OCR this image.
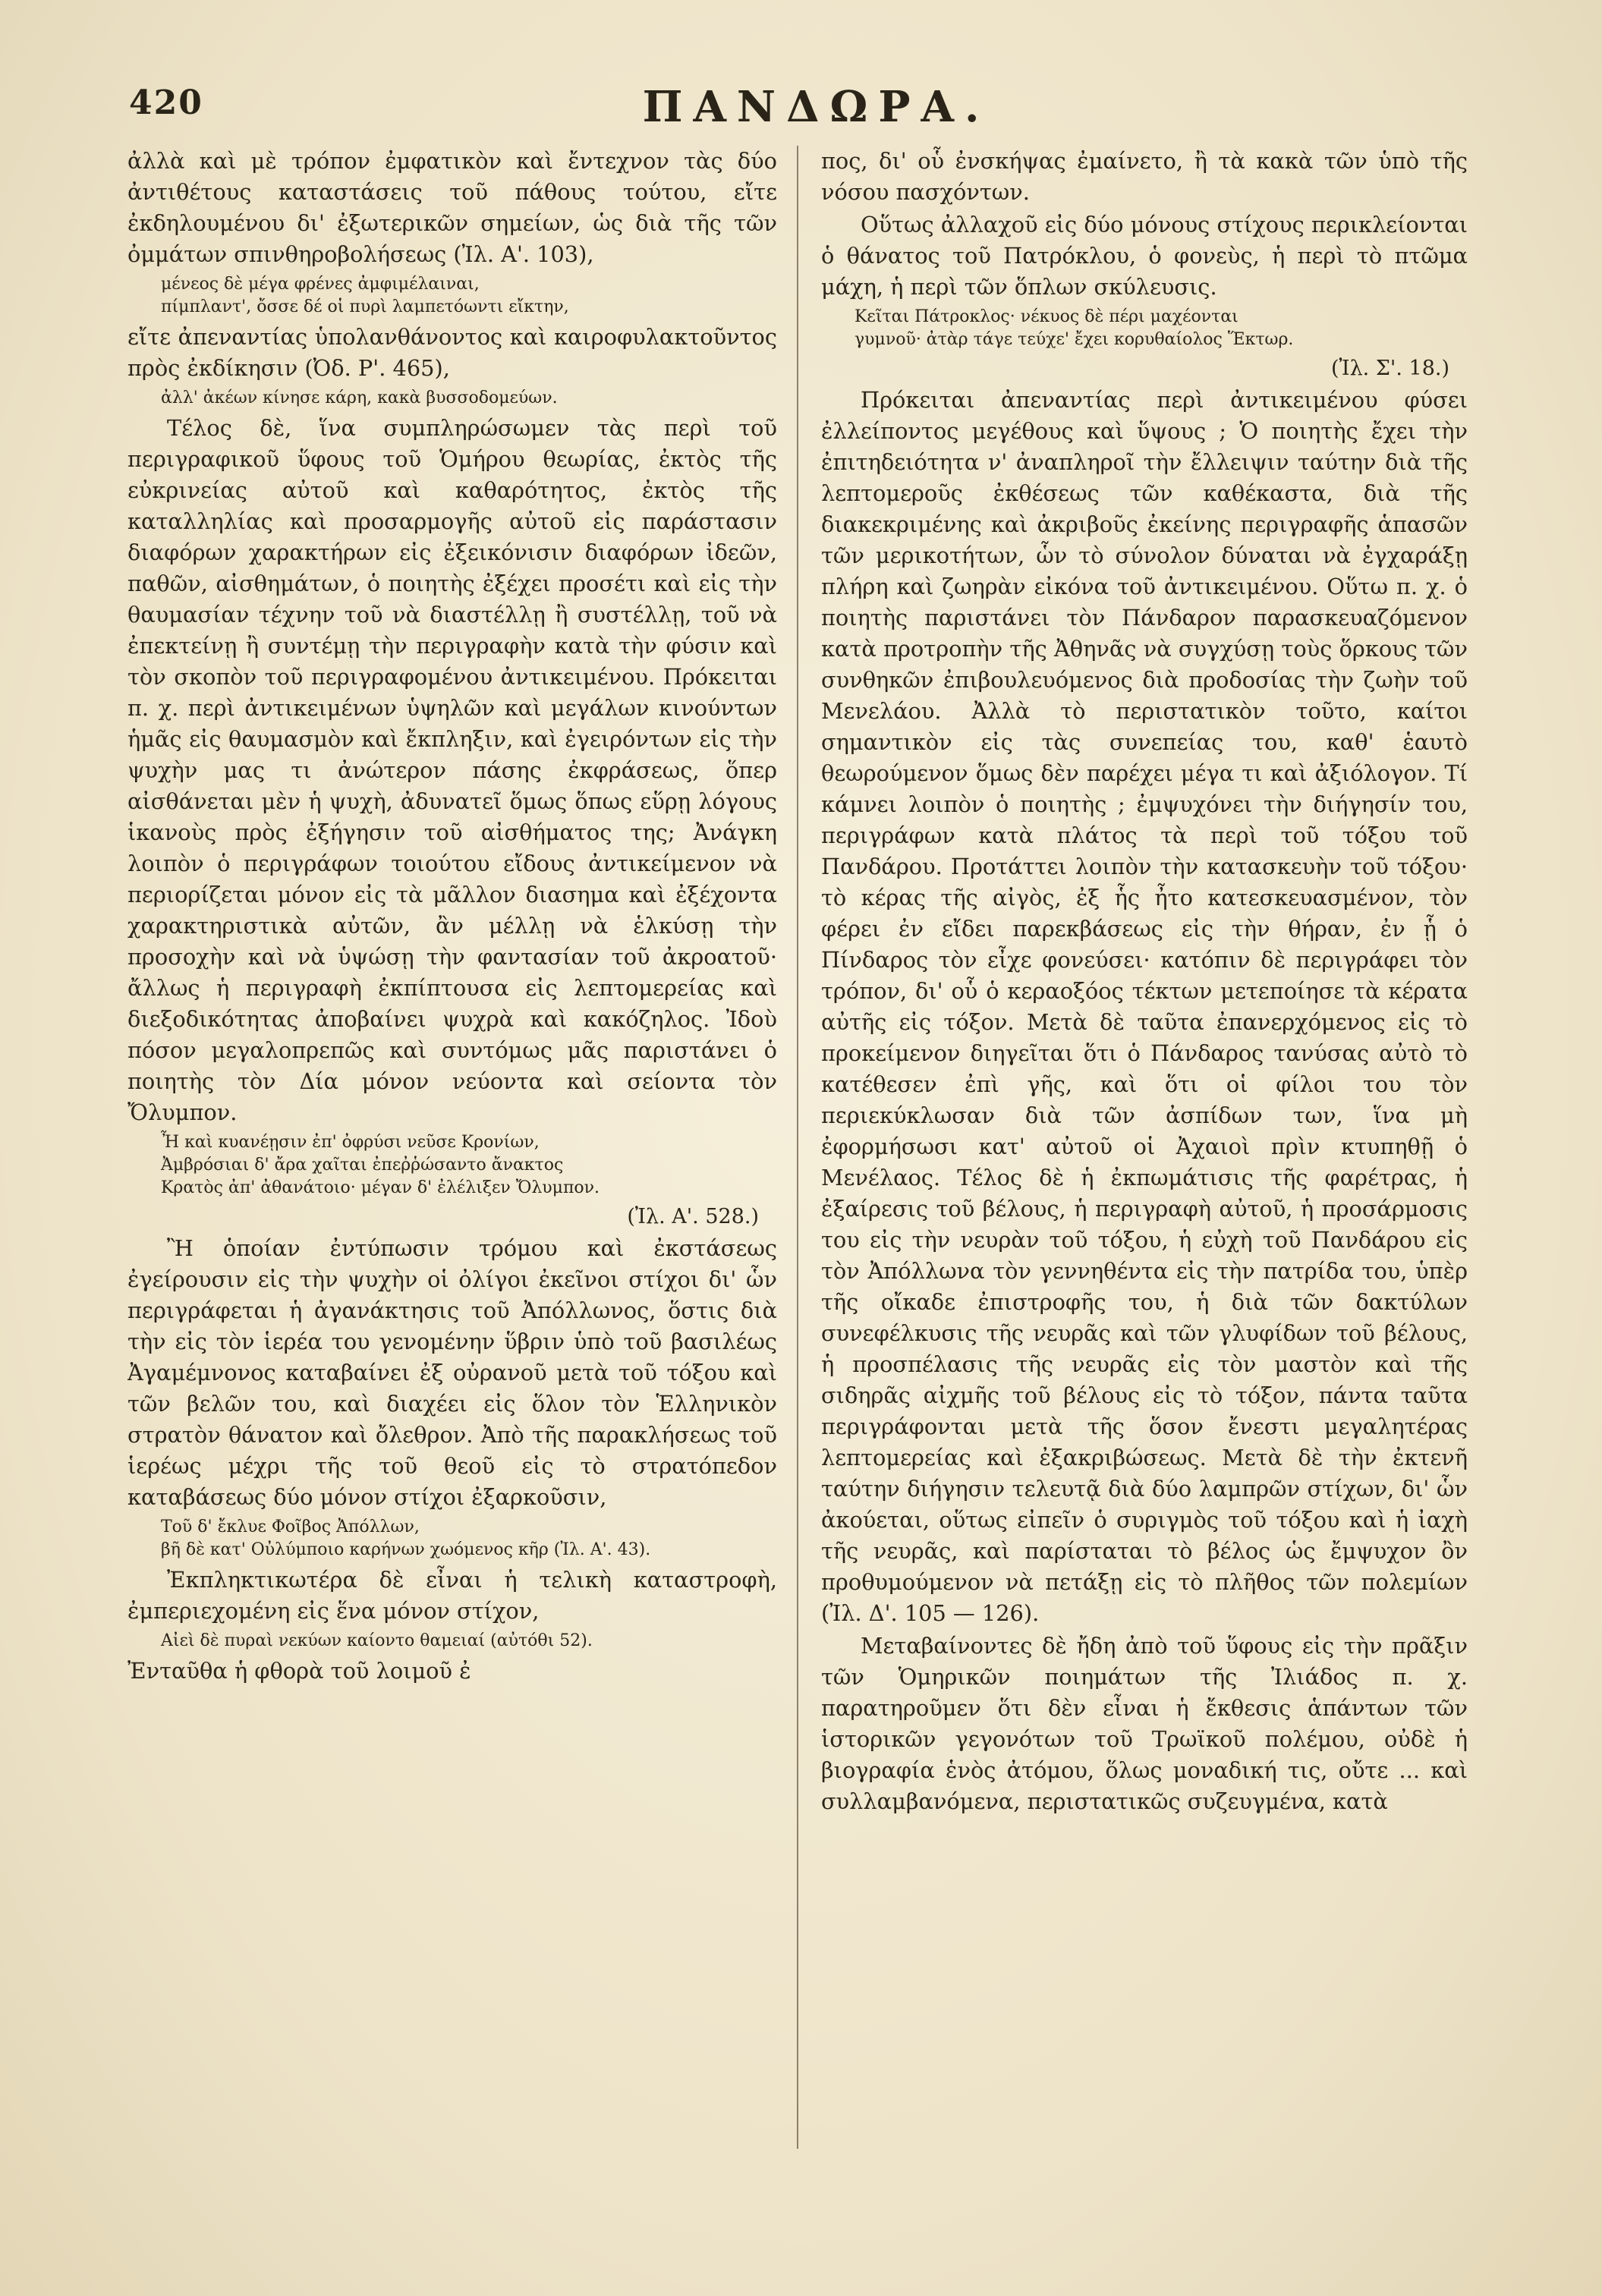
420	ΠΑΝΔΩΡΑ.

ἀλλὰ καὶ μὲ τρόπον ἐμφατικὸν καὶ ἔντεχνον τὰς δύο ἀντιθέτους καταστάσεις τοῦ πάθους τούτου, εἴτε ἐκδηλουμένου δι' ἐξωτερικῶν σημείων, ὡς διὰ τῆς τῶν ὀμμάτων σπινθηροβολήσεως (Ἰλ. Α'. 103),

μένεος δὲ μέγα φρένες ἀμφιμέλαιναι,
πίμπλαντ', ὄσσε δέ οἱ πυρὶ λαμπετόωντι εἴκτην,

εἴτε ἀπεναντίας ὑπολανθάνοντος καὶ καιροφυλακτοῦντος πρὸς ἐκδίκησιν (Ὀδ. Ρ'. 465),

ἀλλ' ἀκέων κίνησε κάρη, κακὰ βυσσοδομεύων.

Τέλος δὲ, ἵνα συμπληρώσωμεν τὰς περὶ τοῦ περιγραφικοῦ ὕφους τοῦ Ὁμήρου θεωρίας, ἐκτὸς τῆς εὐκρινείας αὐτοῦ καὶ καθαρότητος, ἐκτὸς τῆς καταλληλίας καὶ προσαρμογῆς αὐτοῦ εἰς παράστασιν διαφόρων χαρακτήρων εἰς ἐξεικόνισιν διαφόρων ἰδεῶν, παθῶν, αἰσθημάτων, ὁ ποιητὴς ἐξέχει προσέτι καὶ εἰς τὴν θαυμασίαν τέχνην τοῦ νὰ διαστέλλῃ ἢ συστέλλῃ, τοῦ νὰ ἐπεκτείνῃ ἢ συντέμῃ τὴν περιγραφὴν κατὰ τὴν φύσιν καὶ τὸν σκοπὸν τοῦ περιγραφομένου ἀντικειμένου. Πρόκειται π. χ. περὶ ἀντικειμένων ὑψηλῶν καὶ μεγάλων κινούντων ἡμᾶς εἰς θαυμασμὸν καὶ ἔκπληξιν, καὶ ἐγειρόντων εἰς τὴν ψυχὴν μας τι ἀνώτερον πάσης ἐκφράσεως, ὅπερ αἰσθάνεται μὲν ἡ ψυχὴ, ἀδυνατεῖ ὅμως ὅπως εὕρῃ λόγους ἱκανοὺς πρὸς ἐξήγησιν τοῦ αἰσθήματος της; Ἀνάγκη λοιπὸν ὁ περιγράφων τοιούτου εἴδους ἀντικείμενον νὰ περιορίζεται μόνον εἰς τὰ μᾶλλον διασημα καὶ ἐξέχοντα χαρακτηριστικὰ αὐτῶν, ἂν μέλλῃ νὰ ἑλκύσῃ τὴν προσοχὴν καὶ νὰ ὑψώσῃ τὴν φαντασίαν τοῦ ἀκροατοῦ· ἄλλως ἡ περιγραφὴ ἐκπίπτουσα εἰς λεπτομερείας καὶ διεξοδικότητας ἀποβαίνει ψυχρὰ καὶ κακόζηλος. Ἰδοὺ πόσον μεγαλοπρεπῶς καὶ συντόμως μᾶς παριστάνει ὁ ποιητὴς τὸν Δία μόνον νεύοντα καὶ σείοντα τὸν Ὄλυμπον.

Ἦ καὶ κυανέῃσιν ἐπ' ὀφρύσι νεῦσε Κρονίων,
Ἀμβρόσιαι δ' ἄρα χαῖται ἐπεῤῥώσαντο ἄνακτος
Κρατὸς ἀπ' ἀθανάτοιο· μέγαν δ' ἐλέλιξεν Ὄλυμπον.
(Ἰλ. Α'. 528.)

Ἢ ὁποίαν ἐντύπωσιν τρόμου καὶ ἐκστάσεως ἐγείρουσιν εἰς τὴν ψυχὴν οἱ ὀλίγοι ἐκεῖνοι στίχοι δι' ὧν περιγράφεται ἡ ἀγανάκτησις τοῦ Ἀπόλλωνος, ὅστις διὰ τὴν εἰς τὸν ἱερέα του γενομένην ὕβριν ὑπὸ τοῦ βασιλέως Ἀγαμέμνονος καταβαίνει ἐξ οὐρανοῦ μετὰ τοῦ τόξου καὶ τῶν βελῶν του, καὶ διαχέει εἰς ὅλον τὸν Ἑλληνικὸν στρατὸν θάνατον καὶ ὄλεθρον. Ἀπὸ τῆς παρακλήσεως τοῦ ἱερέως μέχρι τῆς τοῦ θεοῦ εἰς τὸ στρατόπεδον καταβάσεως δύο μόνον στίχοι ἐξαρκοῦσιν,

Τοῦ δ' ἔκλυε Φοῖβος Ἀπόλλων,
βῆ δὲ κατ' Οὐλύμποιο καρήνων χωόμενος κῆρ (Ἰλ. Α'. 43).

Ἐκπληκτικωτέρα δὲ εἶναι ἡ τελικὴ καταστροφὴ, ἐμπεριεχομένη εἰς ἕνα μόνον στίχον,

Αἰεὶ δὲ πυραὶ νεκύων καίοντο θαμειαί (αὐτόθι 52).

Ἐνταῦθα ἡ φθορὰ τοῦ λοιμοῦ ἐ

πος, δι' οὗ ἐνσκήψας ἐμαίνετο, ἢ τὰ κακὰ τῶν ὑπὸ τῆς νόσου πασχόντων.

Οὕτως ἀλλαχοῦ εἰς δύο μόνους στίχους περικλείονται ὁ θάνατος τοῦ Πατρόκλου, ὁ φονεὺς, ἡ περὶ τὸ πτῶμα μάχη, ἡ περὶ τῶν ὅπλων σκύλευσις.

Κεῖται Πάτροκλος· νέκυος δὲ πέρι μαχέονται
γυμνοῦ· ἀτὰρ τάγε τεύχε' ἔχει κορυθαίολος Ἕκτωρ.
(Ἰλ. Σ'. 18.)

Πρόκειται ἀπεναντίας περὶ ἀντικειμένου φύσει ἐλλείποντος μεγέθους καὶ ὕψους ; Ὁ ποιητὴς ἔχει τὴν ἐπιτηδειότητα ν' ἀναπληροῖ τὴν ἔλλειψιν ταύτην διὰ τῆς λεπτομεροῦς ἐκθέσεως τῶν καθέκαστα, διὰ τῆς διακεκριμένης καὶ ἀκριβοῦς ἐκείνης περιγραφῆς ἁπασῶν τῶν μερικοτήτων, ὧν τὸ σύνολον δύναται νὰ ἐγχαράξῃ πλήρη καὶ ζωηρὰν εἰκόνα τοῦ ἀντικειμένου. Οὕτω π. χ. ὁ ποιητὴς παριστάνει τὸν Πάνδαρον παρασκευαζόμενον κατὰ προτροπὴν τῆς Ἀθηνᾶς νὰ συγχύσῃ τοὺς ὅρκους τῶν συνθηκῶν ἐπιβουλευόμενος διὰ προδοσίας τὴν ζωὴν τοῦ Μενελάου. Ἀλλὰ τὸ περιστατικὸν τοῦτο, καίτοι σημαντικὸν εἰς τὰς συνεπείας του, καθ' ἑαυτὸ θεωρούμενον ὅμως δὲν παρέχει μέγα τι καὶ ἀξιόλογον. Τί κάμνει λοιπὸν ὁ ποιητὴς ; ἐμψυχόνει τὴν διήγησίν του, περιγράφων κατὰ πλάτος τὰ περὶ τοῦ τόξου τοῦ Πανδάρου. Προτάττει λοιπὸν τὴν κατασκευὴν τοῦ τόξου· τὸ κέρας τῆς αἰγὸς, ἐξ ἧς ἦτο κατεσκευασμένον, τὸν φέρει ἐν εἴδει παρεκβάσεως εἰς τὴν θήραν, ἐν ᾗ ὁ Πίνδαρος τὸν εἶχε φονεύσει· κατόπιν δὲ περιγράφει τὸν τρόπον, δι' οὗ ὁ κεραοξόος τέκτων μετεποίησε τὰ κέρατα αὐτῆς εἰς τόξον. Μετὰ δὲ ταῦτα ἐπανερχόμενος εἰς τὸ προκείμενον διηγεῖται ὅτι ὁ Πάνδαρος τανύσας αὐτὸ τὸ κατέθεσεν ἐπὶ γῆς, καὶ ὅτι οἱ φίλοι του τὸν περιεκύκλωσαν διὰ τῶν ἀσπίδων των, ἵνα μὴ ἐφορμήσωσι κατ' αὐτοῦ οἱ Ἀχαιοὶ πρὶν κτυπηθῇ ὁ Μενέλαος. Τέλος δὲ ἡ ἐκπωμάτισις τῆς φαρέτρας, ἡ ἐξαίρεσις τοῦ βέλους, ἡ περιγραφὴ αὐτοῦ, ἡ προσάρμοσις του εἰς τὴν νευρὰν τοῦ τόξου, ἡ εὐχὴ τοῦ Πανδάρου εἰς τὸν Ἀπόλλωνα τὸν γεννηθέντα εἰς τὴν πατρίδα του, ὑπὲρ τῆς οἴκαδε ἐπιστροφῆς του, ἡ διὰ τῶν δακτύλων συνεφέλκυσις τῆς νευρᾶς καὶ τῶν γλυφίδων τοῦ βέλους, ἡ προσπέλασις τῆς νευρᾶς εἰς τὸν μαστὸν καὶ τῆς σιδηρᾶς αἰχμῆς τοῦ βέλους εἰς τὸ τόξον, πάντα ταῦτα περιγράφονται μετὰ τῆς ὅσον ἔνεστι μεγαλητέρας λεπτομερείας καὶ ἐξακριβώσεως. Μετὰ δὲ τὴν ἐκτενῆ ταύτην διήγησιν τελευτᾷ διὰ δύο λαμπρῶν στίχων, δι' ὧν ἀκούεται, οὕτως εἰπεῖν ὁ συριγμὸς τοῦ τόξου καὶ ἡ ἰαχὴ τῆς νευρᾶς, καὶ παρίσταται τὸ βέλος ὡς ἔμψυχον ὂν προθυμούμενον νὰ πετάξῃ εἰς τὸ πλῆθος τῶν πολεμίων (Ἰλ. Δ'. 105 — 126).

Μεταβαίνοντες δὲ ἤδη ἀπὸ τοῦ ὕφους εἰς τὴν πρᾶξιν τῶν Ὁμηρικῶν ποιημάτων τῆς Ἰλιάδος π. χ. παρατηροῦμεν ὅτι δὲν εἶναι ἡ ἔκθεσις ἁπάντων τῶν ἱστορικῶν γεγονότων τοῦ Τρωϊκοῦ πολέμου, οὐδὲ ἡ βιογραφία ἑνὸς ἀτόμου, ὅλως μοναδική τις, οὔτε ... καὶ συλλαμβανόμενα, περιστατικῶς συζευγμένα, κατὰ
